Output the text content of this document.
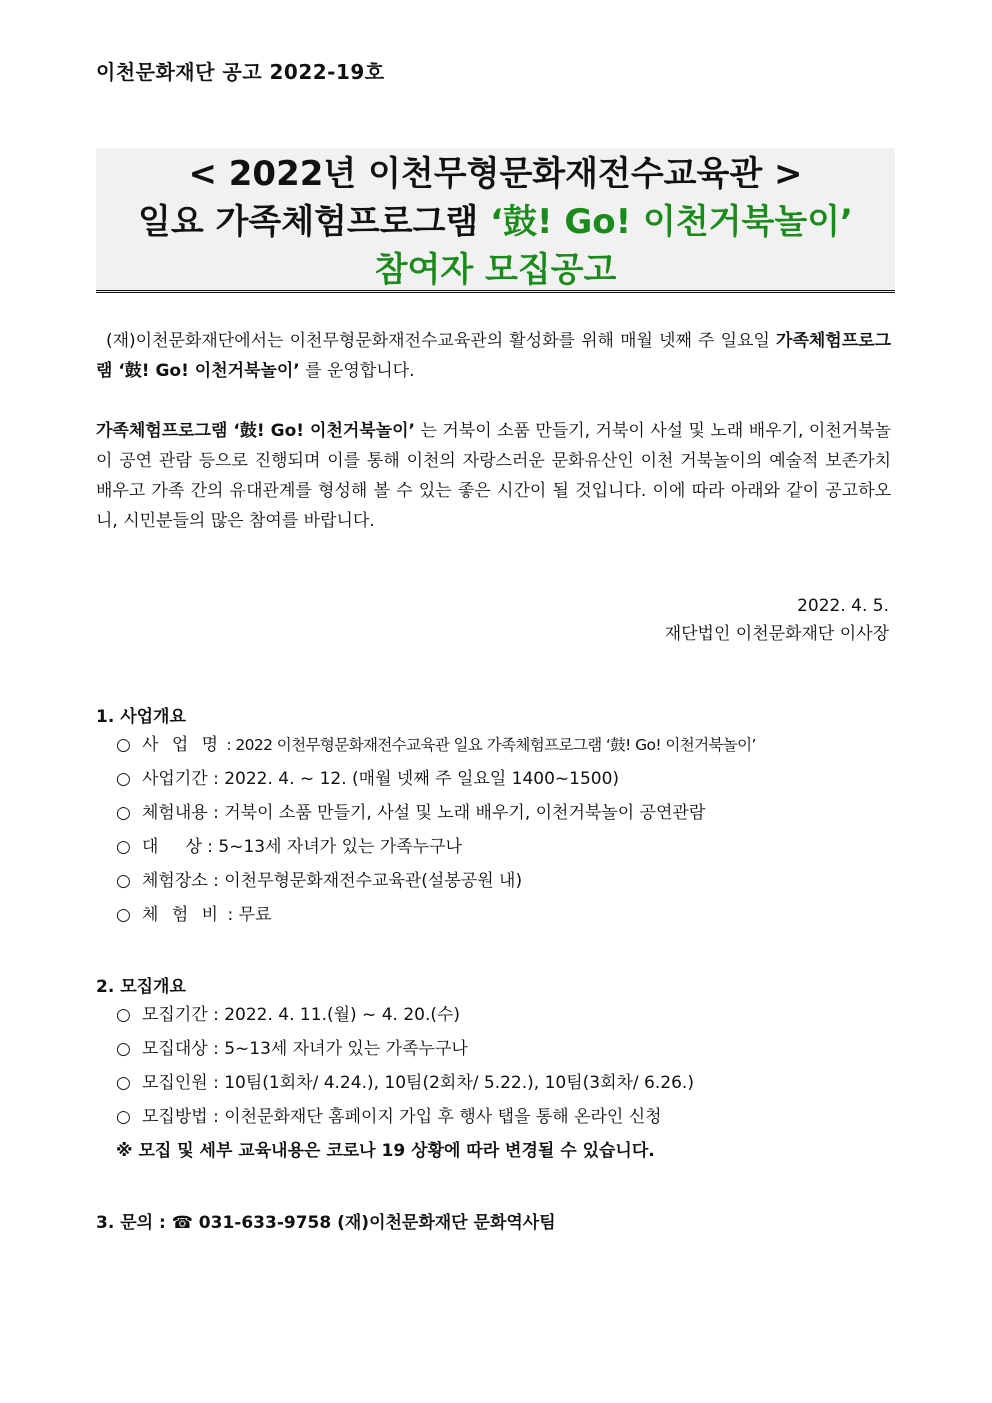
이천문화재단 공고 2022-19호
< 2022년 이천무형문화재전수교육관 >
일요 가족체험프로그램 ‘鼓! Go! 이천거북놀이’
참여자 모집공고
(재)이천문화재단에서는 이천무형문화재전수교육관의 활성화를 위해 매월 넷째 주 일요일 가족체험프로그램 ‘鼓! Go! 이천거북놀이’ 를 운영합니다.
가족체험프로그램 ‘鼓! Go! 이천거북놀이’ 는 거북이 소품 만들기, 거북이 사설 및 노래 배우기, 이천거북놀이 공연 관람 등으로 진행되며 이를 통해 이천의 자랑스러운 문화유산인 이천 거북놀이의 예술적 보존가치 배우고 가족 간의 유대관계를 형성해 볼 수 있는 좋은 시간이 될 것입니다. 이에 따라 아래와 같이 공고하오니, 시민분들의 많은 참여를 바랍니다.
2022. 4. 5.
재단법인 이천문화재단 이사장
1. 사업개요
○ 사 업 명 : 2022 이천무형문화재전수교육관 일요 가족체험프로그램 ‘鼓! Go! 이천거북놀이’
○ 사업기간 : 2022. 4. ~ 12. (매월 넷째 주 일요일 1400~1500)
○ 체험내용 : 거북이 소품 만들기, 사설 및 노래 배우기, 이천거북놀이 공연관람
○ 대     상 : 5~13세 자녀가 있는 가족누구나
○ 체험장소 : 이천무형문화재전수교육관(설봉공원 내)
○ 체 험 비 : 무료
2. 모집개요
○ 모집기간 : 2022. 4. 11.(월) ~ 4. 20.(수)
○ 모집대상 : 5~13세 자녀가 있는 가족누구나
○ 모집인원 : 10팀(1회차/ 4.24.), 10팀(2회차/ 5.22.), 10팀(3회차/ 6.26.)
○ 모집방법 : 이천문화재단 홈페이지 가입 후 행사 탭을 통해 온라인 신청
※ 모집 및 세부 교육내용은 코로나 19 상황에 따라 변경될 수 있습니다.
3. 문의 : ☎ 031-633-9758 (재)이천문화재단 문화역사팀
